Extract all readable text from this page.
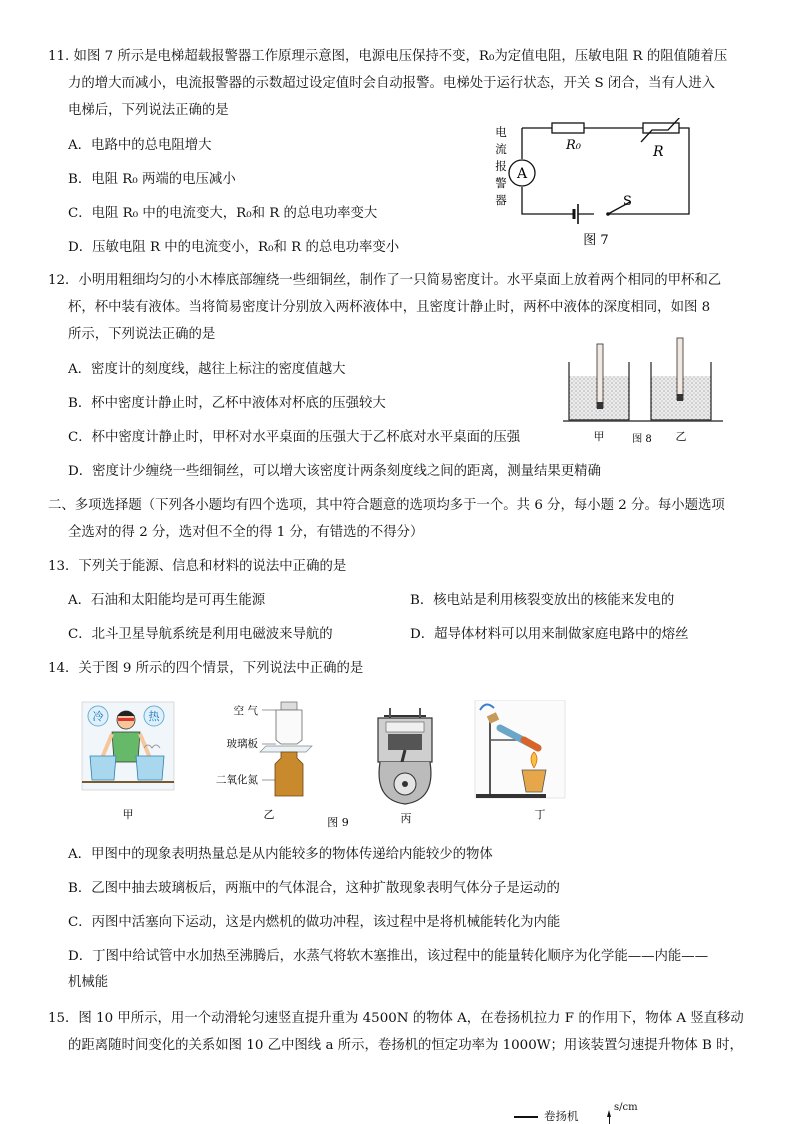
11. 如图 7 所示是电梯超载报警器工作原理示意图，电源电压保持不变，R₀为定值电阻，压敏电阻 R 的阻值随着压
力的增大而减小，电流报警器的示数超过设定值时会自动报警。电梯处于运行状态，开关 S 闭合，当有人进入
电梯后，下列说法正确的是
A．电路中的总电阻增大
B．电阻 R₀ 两端的电压减小
C．电阻 R₀ 中的电流变大，R₀和 R 的总电功率变大
D．压敏电阻 R 中的电流变小，R₀和 R 的总电功率变小
A
R₀	R
S
电
流
报
警
器
图 7
12．小明用粗细均匀的小木棒底部缠绕一些细铜丝，制作了一只简易密度计。水平桌面上放着两个相同的甲杯和乙
杯，杯中装有液体。当将简易密度计分别放入两杯液体中，且密度计静止时，两杯中液体的深度相同，如图 8
所示，下列说法正确的是
A．密度计的刻度线，越往上标注的密度值越大
B．杯中密度计静止时，乙杯中液体对杯底的压强较大
C．杯中密度计静止时，甲杯对水平桌面的压强大于乙杯底对水平桌面的压强
D．密度计少缠绕一些细铜丝，可以增大该密度计两条刻度线之间的距离，测量结果更精确
甲	图 8 乙
二、多项选择题（下列各小题均有四个选项，其中符合题意的选项均多于一个。共 6 分，每小题 2 分。每小题选项
全选对的得 2 分，选对但不全的得 1 分，有错选的不得分）
13．下列关于能源、信息和材料的说法中正确的是
A．石油和太阳能均是可再生能源	B．核电站是利用核裂变放出的核能来发电的
C．北斗卫星导航系统是利用电磁波来导航的	D．超导体材料可以用来制做家庭电路中的熔丝
14．关于图 9 所示的四个情景，下列说法中正确的是
冷	热
甲
空 气
玻璃板
二氧化氮
乙	丙	丁
图 9
A．甲图中的现象表明热量总是从内能较多的物体传递给内能较少的物体
B．乙图中抽去玻璃板后，两瓶中的气体混合，这种扩散现象表明气体分子是运动的
C．丙图中活塞向下运动，这是内燃机的做功冲程，该过程中是将机械能转化为内能
D．丁图中给试管中水加热至沸腾后，水蒸气将软木塞推出，该过程中的能量转化顺序为化学能——内能——
机械能
15．图 10 甲所示，用一个动滑轮匀速竖直提升重为 4500N 的物体 A，在卷扬机拉力 F 的作用下，物体 A 竖直移动
的距离随时间变化的关系如图 10 乙中图线 a 所示，卷扬机的恒定功率为 1000W；用该装置匀速提升物体 B 时，
卷扬机
s/cm
